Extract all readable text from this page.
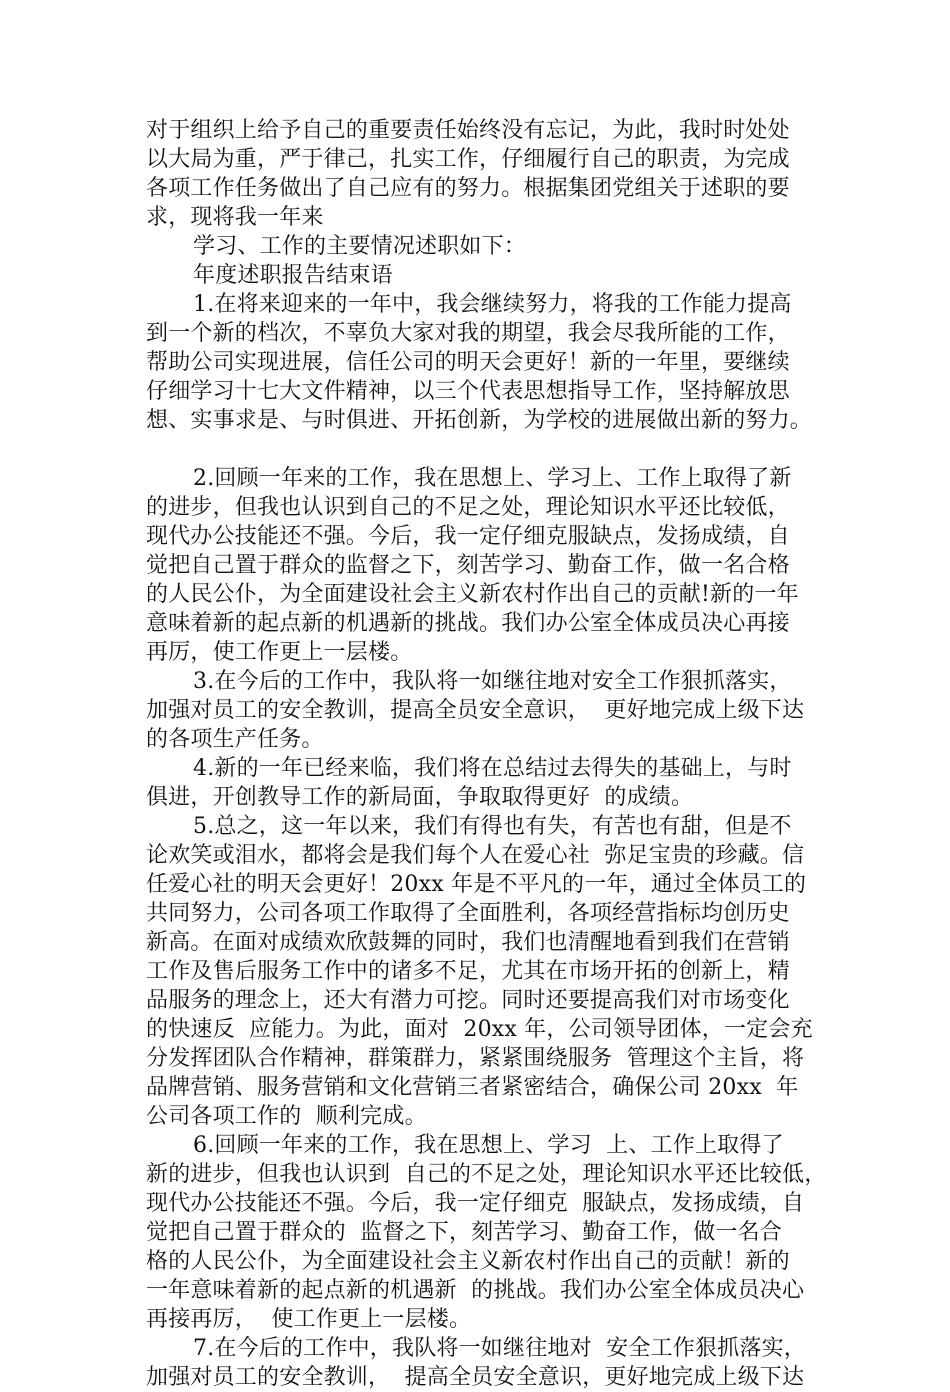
对于组织上给予自己的重要责任始终没有忘记，为此，我时时处处
以大局为重，严于律己，扎实工作，仔细履行自己的职责，为完成
各项工作任务做出了自己应有的努力。根据集团党组关于述职的要
求，现将我一年来
学习、工作的主要情况述职如下：
年度述职报告结束语
1.在将来迎来的一年中，我会继续努力，将我的工作能力提高
到一个新的档次，不辜负大家对我的期望，我会尽我所能的工作，
帮助公司实现进展，信任公司的明天会更好！新的一年里，要继续
仔细学习十七大文件精神，以三个代表思想指导工作，坚持解放思
想、实事求是、与时俱进、开拓创新，为学校的进展做出新的努力。
2.回顾一年来的工作，我在思想上、学习上、工作上取得了新
的进步，但我也认识到自己的不足之处，理论知识水平还比较低，
现代办公技能还不强。今后，我一定仔细克服缺点，发扬成绩，自
觉把自己置于群众的监督之下，刻苦学习、勤奋工作，做一名合格
的人民公仆，为全面建设社会主义新农村作出自己的贡献!新的一年
意味着新的起点新的机遇新的挑战。我们办公室全体成员决心再接
再厉，使工作更上一层楼。
3.在今后的工作中，我队将一如继往地对安全工作狠抓落实，
加强对员工的安全教训，提高全员安全意识，  更好地完成上级下达
的各项生产任务。
4.新的一年已经来临，我们将在总结过去得失的基础上，与时
俱进，开创教导工作的新局面，争取取得更好  的成绩。
5.总之，这一年以来，我们有得也有失，有苦也有甜，但是不
论欢笑或泪水，都将会是我们每个人在爱心社  弥足宝贵的珍藏。信
任爱心社的明天会更好！20xx 年是不平凡的一年，通过全体员工的
共同努力，公司各项工作取得了全面胜利，各项经营指标均创历史
新高。在面对成绩欢欣鼓舞的同时，我们也清醒地看到我们在营销
工作及售后服务工作中的诸多不足，尤其在市场开拓的创新上，精
品服务的理念上，还大有潜力可挖。同时还要提高我们对市场变化
的快速反  应能力。为此，面对  20xx 年，公司领导团体，一定会充
分发挥团队合作精神，群策群力，紧紧围绕服务  管理这个主旨，将
品牌营销、服务营销和文化营销三者紧密结合，确保公司 20xx  年
公司各项工作的  顺利完成。
6.回顾一年来的工作，我在思想上、学习  上、工作上取得了
新的进步，但我也认识到  自己的不足之处，理论知识水平还比较低，
现代办公技能还不强。今后，我一定仔细克  服缺点，发扬成绩，自
觉把自己置于群众的  监督之下，刻苦学习、勤奋工作，做一名合
格的人民公仆，为全面建设社会主义新农村作出自己的贡献！新的
一年意味着新的起点新的机遇新  的挑战。我们办公室全体成员决心
再接再厉，  使工作更上一层楼。
7.在今后的工作中，我队将一如继往地对  安全工作狠抓落实，
加强对员工的安全教训，  提高全员安全意识，更好地完成上级下达
